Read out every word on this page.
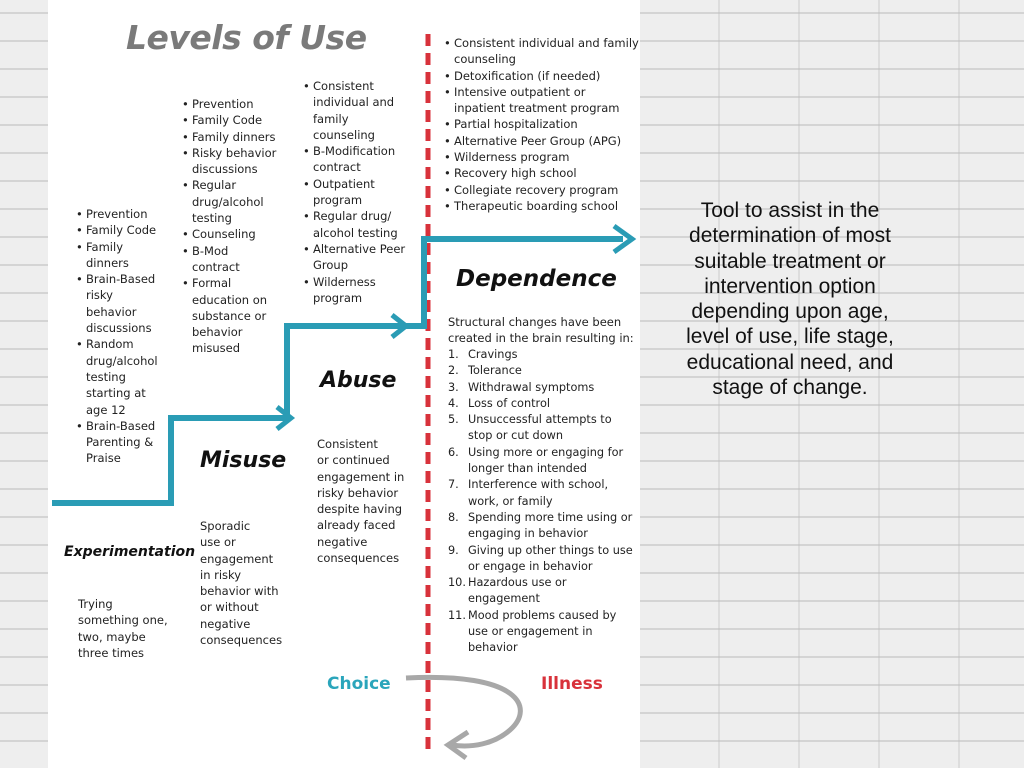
Levels of Use
• Prevention
• Family Code
• Family dinners
• Brain-Based risky behavior discussions
• Random drug/alcohol testing starting at age 12
• Brain-Based Parenting & Praise
Experimentation
Trying
something one,
two, maybe
three times
• Prevention
• Family Code
• Family dinners
• Risky behavior discussions
• Regular drug/alcohol testing
• Counseling
• B-Mod contract
• Formal education on substance or behavior misused
Misuse
Sporadic
use or
engagement
in risky
behavior with
or without
negative
consequences
• Consistent individual and family counseling
• B-Modification contract
• Outpatient program
• Regular drug/ alcohol testing
• Alternative Peer Group
• Wilderness program
Abuse
Consistent
or continued
engagement in
risky behavior
despite having
already faced
negative
consequences
• Consistent individual and family counseling
• Detoxification (if needed)
• Intensive outpatient or inpatient treatment program
• Partial hospitalization
• Alternative Peer Group (APG)
• Wilderness program
• Recovery high school
• Collegiate recovery program
• Therapeutic boarding school
Dependence
Structural changes have been created in the brain resulting in:
1. Cravings
2. Tolerance
3. Withdrawal symptoms
4. Loss of control
5. Unsuccessful attempts to stop or cut down
6. Using more or engaging for longer than intended
7. Interference with school, work, or family
8. Spending more time using or engaging in behavior
9. Giving up other things to use or engage in behavior
10. Hazardous use or engagement
11. Mood problems caused by use or engagement in behavior
Choice	Illness
Tool to assist in the determination of most suitable treatment or intervention option depending upon age, level of use, life stage, educational need, and stage of change.
